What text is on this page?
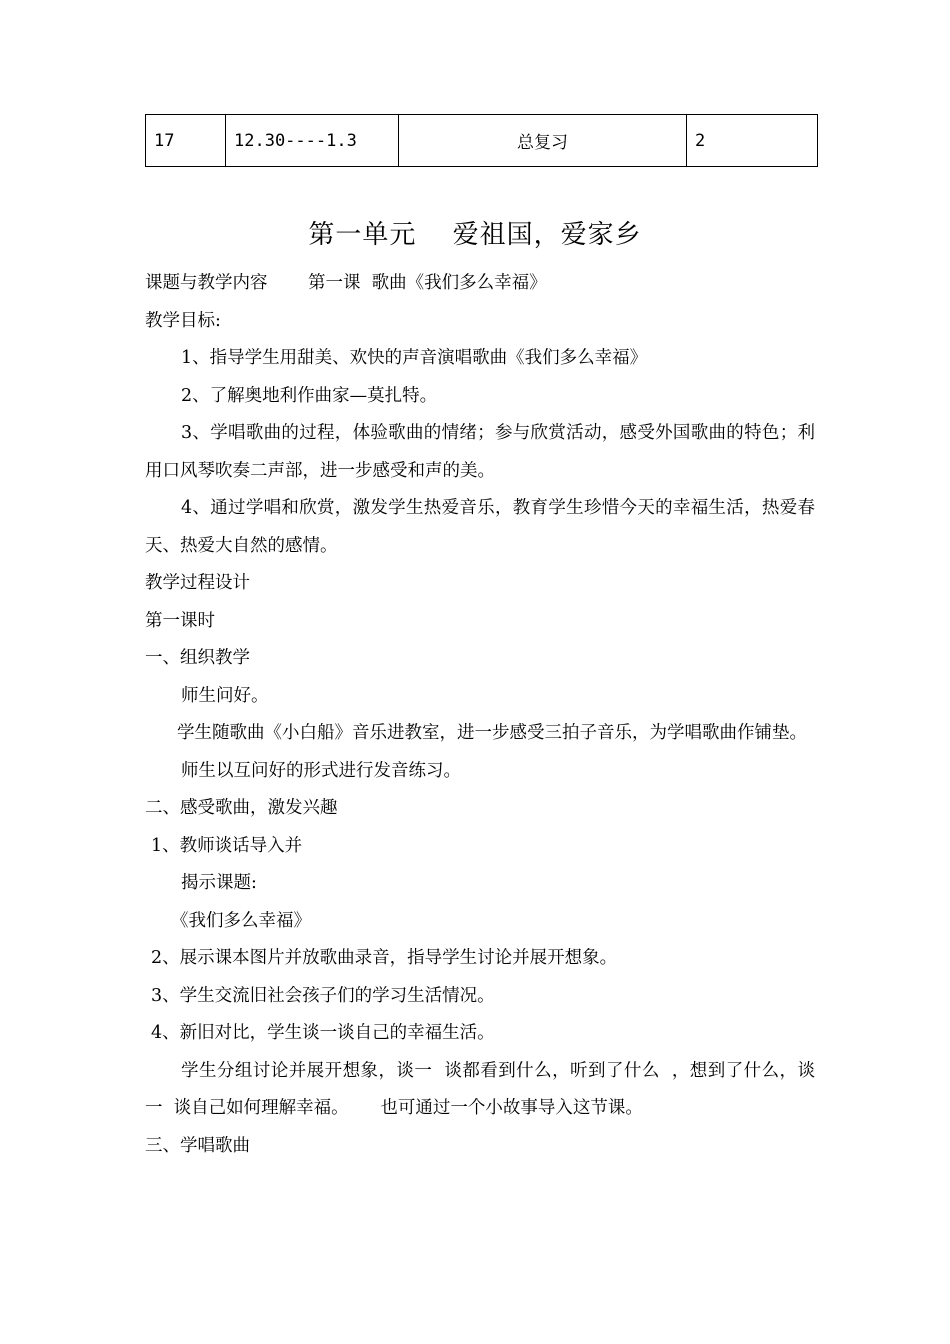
17	12.30----1.3	总复习	2
第一单元　 爱祖国，爱家乡
课题与教学内容　　 第一课  歌曲《我们多么幸福》
教学目标:
1、指导学生用甜美、欢快的声音演唱歌曲《我们多么幸福》
2、了解奥地利作曲家—莫扎特。
3、学唱歌曲的过程，体验歌曲的情绪；参与欣赏活动，感受外国歌曲的特色；利用口风琴吹奏二声部，进一步感受和声的美。
4、通过学唱和欣赏，激发学生热爱音乐，教育学生珍惜今天的幸福生活，热爱春天、热爱大自然的感情。
教学过程设计
第一课时
一、组织教学
师生问好。
学生随歌曲《小白船》音乐进教室，进一步感受三拍子音乐，为学唱歌曲作铺垫。
师生以互问好的形式进行发音练习。
二、感受歌曲，激发兴趣
1、教师谈话导入并
揭示课题:
《我们多么幸福》
2、展示课本图片并放歌曲录音，指导学生讨论并展开想象。
3、学生交流旧社会孩子们的学习生活情况。
4、新旧对比，学生谈一谈自己的幸福生活。
学生分组讨论并展开想象，谈一  谈都看到什么，听到了什么  ，想到了什么，谈一  谈自己如何理解幸福。　　 也可通过一个小故事导入这节课。
三、学唱歌曲
